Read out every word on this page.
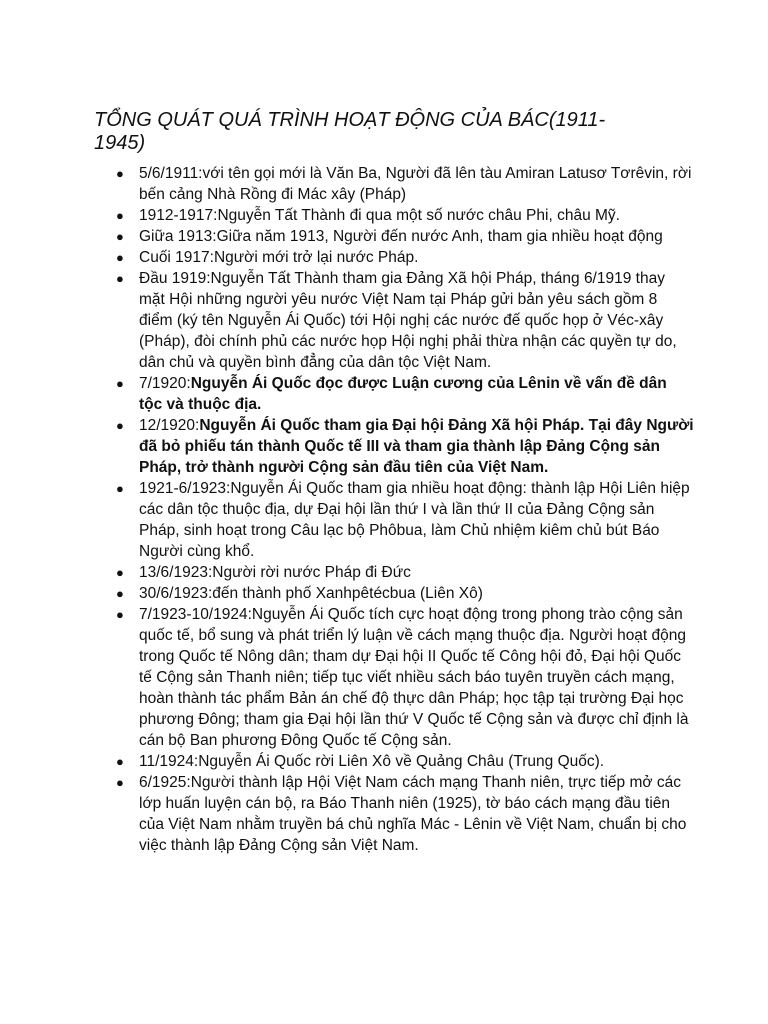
TỔNG QUÁT QUÁ TRÌNH HOẠT ĐỘNG CỦA BÁC(1911-1945)
● 5/6/1911:với tên gọi mới là Văn Ba, Người đã lên tàu Amiran Latusơ Tơrêvin, rời bến cảng Nhà Rồng đi Mác xây (Pháp)
● 1912-1917:Nguyễn Tất Thành đi qua một số nước châu Phi, châu Mỹ.
● Giữa 1913:Giữa năm 1913, Người đến nước Anh, tham gia nhiều hoạt động
● Cuối 1917:Người mới trở lại nước Pháp.
● Đầu 1919:Nguyễn Tất Thành tham gia Đảng Xã hội Pháp, tháng 6/1919 thay mặt Hội những người yêu nước Việt Nam tại Pháp gửi bản yêu sách gồm 8 điểm (ký tên Nguyễn Ái Quốc) tới Hội nghị các nước đế quốc họp ở Véc-xây (Pháp), đòi chính phủ các nước họp Hội nghị phải thừa nhận các quyền tự do, dân chủ và quyền bình đẳng của dân tộc Việt Nam.
● 7/1920:Nguyễn Ái Quốc đọc được Luận cương của Lênin về vấn đề dân tộc và thuộc địa.
● 12/1920:Nguyễn Ái Quốc tham gia Đại hội Đảng Xã hội Pháp. Tại đây Người đã bỏ phiếu tán thành Quốc tế III và tham gia thành lập Đảng Cộng sản Pháp, trở thành người Cộng sản đầu tiên của Việt Nam.
● 1921-6/1923:Nguyễn Ái Quốc tham gia nhiều hoạt động: thành lập Hội Liên hiệp các dân tộc thuộc địa, dự Đại hội lần thứ I và lần thứ II của Đảng Cộng sản Pháp, sinh hoạt trong Câu lạc bộ Phôbua, làm Chủ nhiệm kiêm chủ bút Báo Người cùng khổ.
● 13/6/1923:Người rời nước Pháp đi Đức
● 30/6/1923:đến thành phố Xanhpêtécbua (Liên Xô)
● 7/1923-10/1924:Nguyễn Ái Quốc tích cực hoạt động trong phong trào cộng sản quốc tế, bổ sung và phát triển lý luận về cách mạng thuộc địa. Người hoạt động trong Quốc tế Nông dân; tham dự Đại hội II Quốc tế Công hội đỏ, Đại hội Quốc tế Cộng sản Thanh niên; tiếp tục viết nhiều sách báo tuyên truyền cách mạng, hoàn thành tác phẩm Bản án chế độ thực dân Pháp; học tập tại trường Đại học phương Đông; tham gia Đại hội lần thứ V Quốc tế Cộng sản và được chỉ định là cán bộ Ban phương Đông Quốc tế Cộng sản.
● 11/1924:Nguyễn Ái Quốc rời Liên Xô về Quảng Châu (Trung Quốc).
● 6/1925:Người thành lập Hội Việt Nam cách mạng Thanh niên, trực tiếp mở các lớp huấn luyện cán bộ, ra Báo Thanh niên (1925), tờ báo cách mạng đầu tiên của Việt Nam nhằm truyền bá chủ nghĩa Mác - Lênin về Việt Nam, chuẩn bị cho việc thành lập Đảng Cộng sản Việt Nam.
